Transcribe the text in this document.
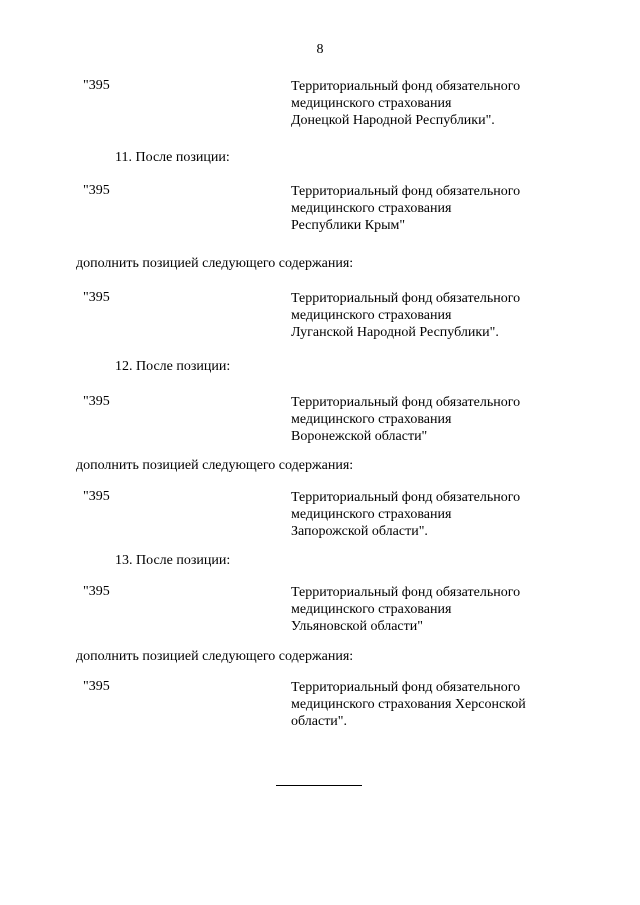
8
"395	Территориальный фонд обязательного
медицинского страхования
Донецкой Народной Республики".
11. После позиции:
"395	Территориальный фонд обязательного
медицинского страхования
Республики Крым"
дополнить позицией следующего содержания:
"395	Территориальный фонд обязательного
медицинского страхования
Луганской Народной Республики".
12. После позиции:
"395	Территориальный фонд обязательного
медицинского страхования
Воронежской области"
дополнить позицией следующего содержания:
"395	Территориальный фонд обязательного
медицинского страхования
Запорожской области".
13. После позиции:
"395	Территориальный фонд обязательного
медицинского страхования
Ульяновской области"
дополнить позицией следующего содержания:
"395	Территориальный фонд обязательного
медицинского страхования Херсонской
области".
